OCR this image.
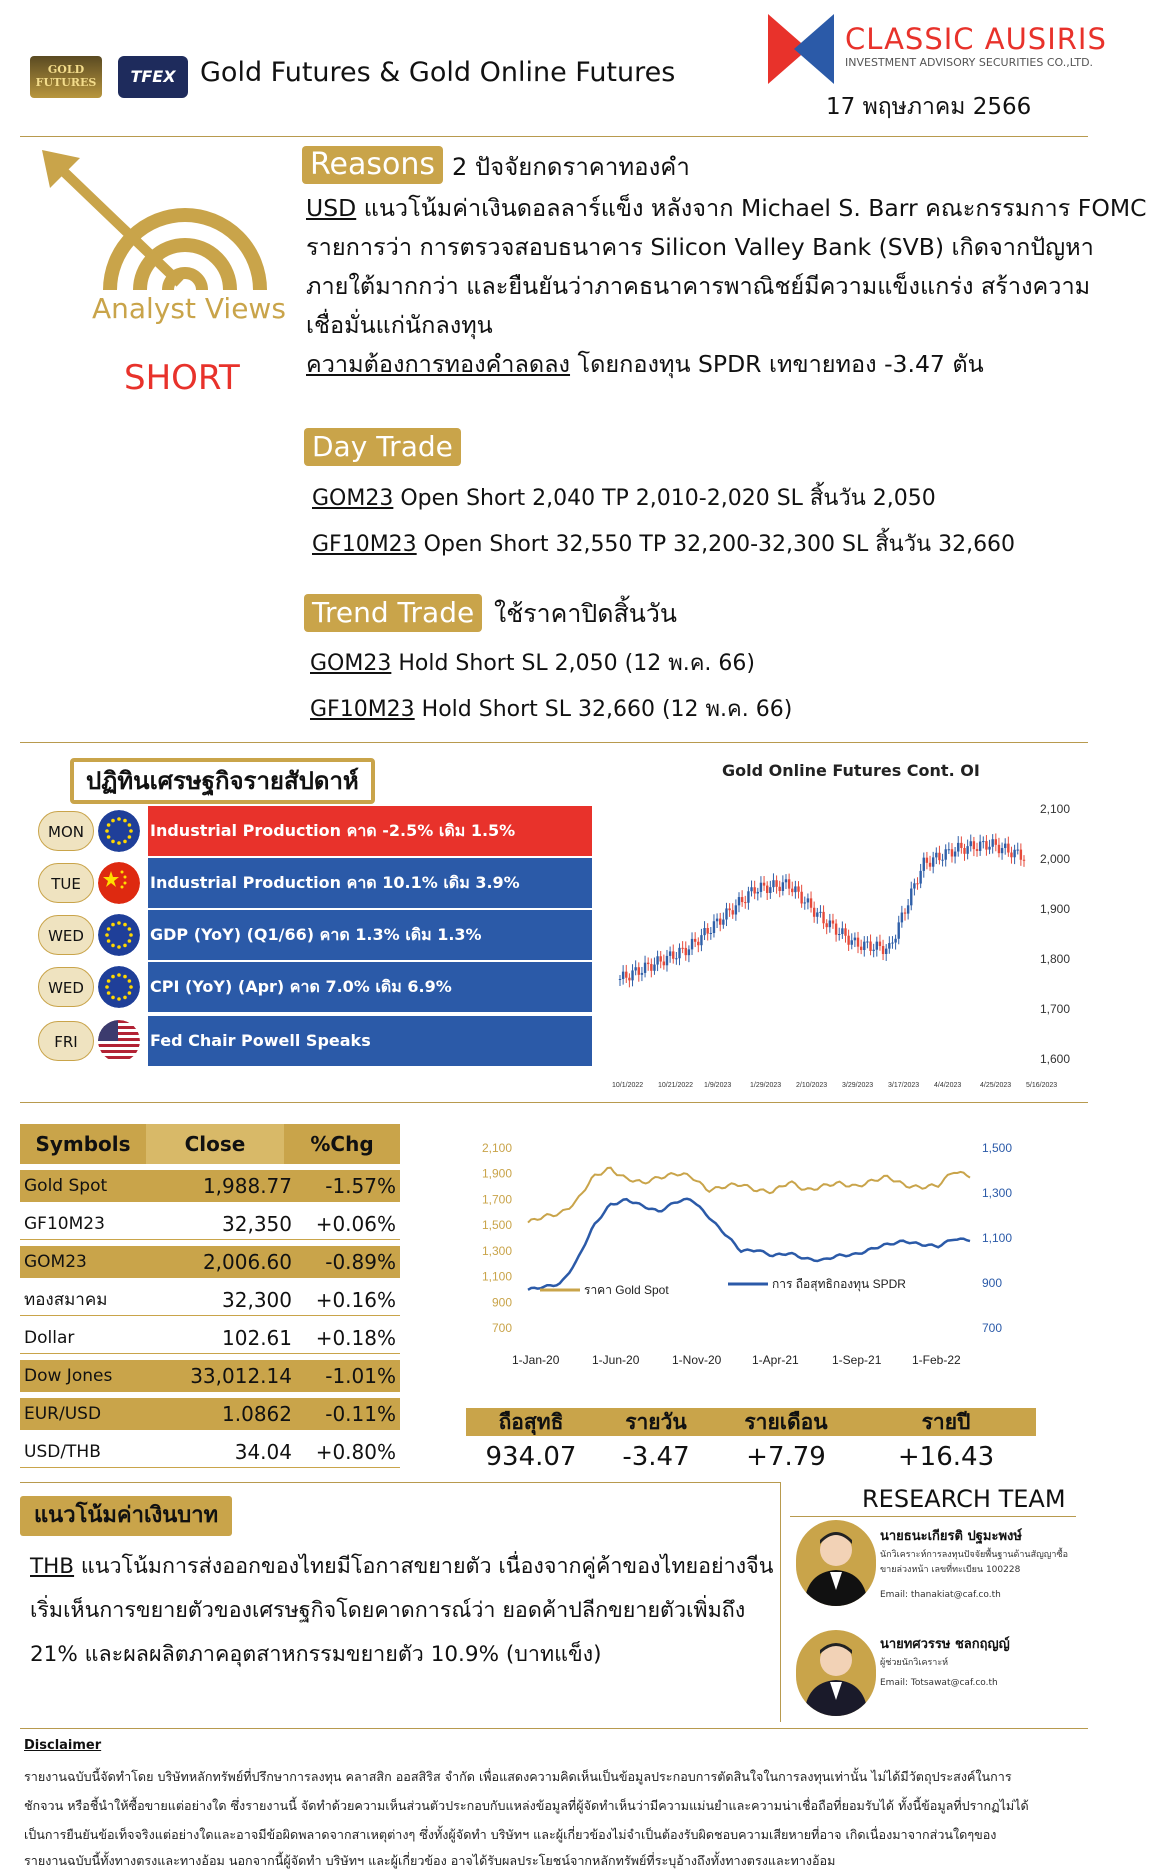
GOLD FUTURES	TFEX Gold Futures & Gold Online Futures
CLASSIC AUSIRIS
INVESTMENT ADVISORY SECURITIES CO.,LTD.
17 พฤษภาคม 2566
Analyst Views
SHORT
Reasons 2 ปัจจัยกดราคาทองคำ
USD แนวโน้มค่าเงินดอลลาร์แข็ง หลังจาก Michael S. Barr คณะกรรมการ FOMC
รายการว่า การตรวจสอบธนาคาร Silicon Valley Bank (SVB) เกิดจากปัญหา
ภายใต้มากกว่า และยืนยันว่าภาคธนาคารพาณิชย์มีความแข็งแกร่ง สร้างความ
เชื่อมั่นแก่นักลงทุน
ความต้องการทองคำลดลง โดยกองทุน SPDR เทขายทอง -3.47 ตัน
Day Trade
GOM23 Open Short 2,040 TP 2,010-2,020 SL สิ้นวัน 2,050
GF10M23 Open Short 32,550 TP 32,200-32,300 SL สิ้นวัน 32,660
Trend Trade ใช้ราคาปิดสิ้นวัน
GOM23 Hold Short SL 2,050 (12 พ.ค. 66)
GF10M23 Hold Short SL 32,660 (12 พ.ค. 66)
ปฏิทินเศรษฐกิจรายสัปดาห์
MON	Industrial Production คาด -2.5% เดิม 1.5%
TUE	Industrial Production คาด 10.1% เดิม 3.9%
WED	GDP (YoY) (Q1/66) คาด 1.3% เดิม 1.3%
WED	CPI (YoY) (Apr) คาด 7.0% เดิม 6.9%
FRI	Fed Chair Powell Speaks
Gold Online Futures Cont. OI
2,100
2,000
1,900
1,800
1,700
1,600
10/1/2022 10/21/2022 1/9/2023	1/29/2023 2/10/2023 3/29/2023 3/17/2023 4/4/2023	4/25/2023 5/16/2023
Symbols	Close	%Chg
Gold Spot	1,988.77 -1.57%
GF10M23	32,350 +0.06%
GOM23	2,006.60 -0.89%
ทองสมาคม	32,300 +0.16%
Dollar	102.61 +0.18%
Dow Jones	33,012.14 -1.01%
EUR/USD	1.0862 -0.11%
USD/THB	34.04 +0.80%
2,100
1,900
1,700
1,500
1,300
1,100
900
700
1,500
1,300
1,100
900
700
1-Jan-20	1-Jun-20	1-Nov-20	1-Apr-21	1-Sep-21	1-Feb-22
ราคา Gold Spot	การ ถือสุทธิกองทุน SPDR
ถือสุทธิ	รายวัน	รายเดือน	รายปี
934.07	-3.47	+7.79	+16.43
แนวโน้มค่าเงินบาท
THB แนวโน้มการส่งออกของไทยมีโอกาสขยายตัว เนื่องจากคู่ค้าของไทยอย่างจีน
เริ่มเห็นการขยายตัวของเศรษฐกิจโดยคาดการณ์ว่า ยอดค้าปลีกขยายตัวเพิ่มถึง
21% และผลผลิตภาคอุตสาหกรรมขยายตัว 10.9% (บาทแข็ง)
RESEARCH TEAM
นายธนะเกียรติ ปฐมะพงษ์
นักวิเคราะห์การลงทุนปัจจัยพื้นฐานด้านสัญญาซื้อขายล่วงหน้า เลขที่ทะเบียน 100228
Email: thanakiat@caf.co.th
นายทศวรรษ ชลกฤญญ์
ผู้ช่วยนักวิเคราะห์
Email: Totsawat@caf.co.th
Disclaimer
รายงานฉบับนี้จัดทำโดย บริษัทหลักทรัพย์ที่ปรึกษาการลงทุน คลาสสิก ออสสิริส จำกัด เพื่อแสดงความคิดเห็นเป็นข้อมูลประกอบการตัดสินใจในการลงทุนเท่านั้น ไม่ได้มีวัตถุประสงค์ในการ
ชักจวน หรือชี้นำให้ซื้อขายแต่อย่างใด ซึ่งรายงานนี้ จัดทำด้วยความเห็นส่วนตัวประกอบกับแหล่งข้อมูลที่ผู้จัดทำเห็นว่ามีความแม่นยำและความน่าเชื่อถือที่ยอมรับได้ ทั้งนี้ข้อมูลที่ปรากฏไม่ได้
เป็นการยืนยันข้อเท็จจริงแต่อย่างใดและอาจมีข้อผิดพลาดจากสาเหตุต่างๆ ซึ่งทั้งผู้จัดทำ บริษัทฯ และผู้เกี่ยวข้องไม่จำเป็นต้องรับผิดชอบความเสียหายที่อาจ เกิดเนื่องมาจากส่วนใดๆของ
รายงานฉบับนี้ทั้งทางตรงและทางอ้อม นอกจากนี้ผู้จัดทำ บริษัทฯ และผู้เกี่ยวข้อง อาจได้รับผลประโยชน์จากหลักทรัพย์ที่ระบุอ้างถึงทั้งทางตรงและทางอ้อม
